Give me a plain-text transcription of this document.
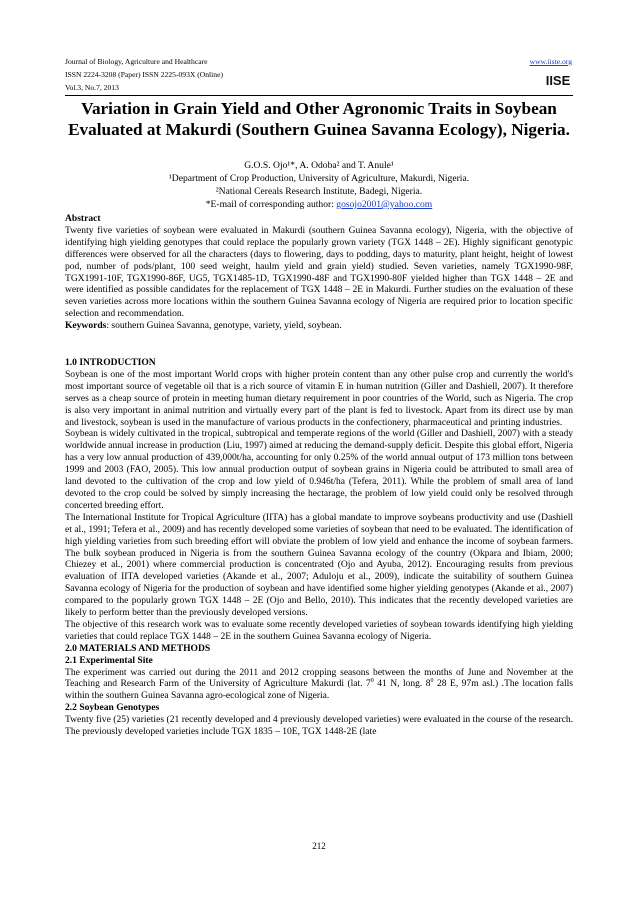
Journal of Biology, Agriculture and Healthcare
ISSN 2224-3208 (Paper) ISSN 2225-093X (Online)
Vol.3, No.7, 2013
www.iiste.org
IISE
Variation in Grain Yield and Other Agronomic Traits in Soybean Evaluated at Makurdi (Southern Guinea Savanna Ecology), Nigeria.
G.O.S. Ojo¹*, A. Odoba² and T. Anule¹
¹Department of Crop Production, University of Agriculture, Makurdi, Nigeria.
²National Cereals Research Institute, Badegi, Nigeria.
*E-mail of corresponding author: gosojo2001@yahoo.com

Abstract

Twenty five varieties of soybean were evaluated in Makurdi (southern Guinea Savanna ecology), Nigeria, with the objective of identifying high yielding genotypes that could replace the popularly grown variety (TGX 1448 – 2E). Highly significant genotypic differences were observed for all the characters (days to flowering, days to podding, days to maturity, plant height, height of lowest pod, number of pods/plant, 100 seed weight, haulm yield and grain yield) studied. Seven varieties, namely TGX1990-98F, TGX1991-10F, TGX1990-86F, UG5, TGX1485-1D, TGX1990-48F and TGX1990-80F yielded higher than TGX 1448 – 2E and were identified as possible candidates for the replacement of TGX 1448 – 2E in Makurdi. Further studies on the evaluation of these seven varieties across more locations within the southern Guinea Savanna ecology of Nigeria are required prior to location specific selection and recommendation.

Keywords: southern Guinea Savanna, genotype, variety, yield, soybean.

1.0 INTRODUCTION

Soybean is one of the most important World crops with higher protein content than any other pulse crop and currently the world's most important source of vegetable oil that is a rich source of vitamin E in human nutrition (Giller and Dashiell, 2007). It therefore serves as a cheap source of protein in meeting human dietary requirement in poor countries of the World, such as Nigeria. The crop is also very important in animal nutrition and virtually every part of the plant is fed to livestock. Apart from its direct use by man and livestock, soybean is used in the manufacture of various products in the confectionery, pharmaceutical and printing industries.

Soybean is widely cultivated in the tropical, subtropical and temperate regions of the world (Giller and Dashiell, 2007) with a steady worldwide annual increase in production (Liu, 1997) aimed at reducing the demand-supply deficit. Despite this global effort, Nigeria has a very low annual production of 439,000t/ha, accounting for only 0.25% of the world annual output of 173 million tons between 1999 and 2003 (FAO, 2005). This low annual production output of soybean grains in Nigeria could be attributed to small area of land devoted to the cultivation of the crop and low yield of 0.946t/ha (Tefera, 2011). While the problem of small area of land devoted to the crop could be solved by simply increasing the hectarage, the problem of low yield could only be resolved through concerted breeding effort.

The International Institute for Tropical Agriculture (IITA) has a global mandate to improve soybeans productivity and use (Dashiell et al., 1991; Tefera et al., 2009) and has recently developed some varieties of soybean that need to be evaluated. The identification of high yielding varieties from such breeding effort will obviate the problem of low yield and enhance the income of soybean farmers. The bulk soybean produced in Nigeria is from the southern Guinea Savanna ecology of the country (Okpara and Ibiam, 2000; Chiezey et al., 2001) where commercial production is concentrated (Ojo and Ayuba, 2012). Encouraging results from previous evaluation of IITA developed varieties (Akande et al., 2007; Aduloju et al., 2009), indicate the suitability of southern Guinea Savanna ecology of Nigeria for the production of soybean and have identified some higher yielding genotypes (Akande et al., 2007) compared to the popularly grown TGX 1448 – 2E (Ojo and Bello, 2010). This indicates that the recently developed varieties are likely to perform better than the previously developed versions.

The objective of this research work was to evaluate some recently developed varieties of soybean towards identifying high yielding varieties that could replace TGX 1448 – 2E in the southern Guinea Savanna ecology of Nigeria.

2.0 MATERIALS AND METHODS

2.1 Experimental Site

The experiment was carried out during the 2011 and 2012 cropping seasons between the months of June and November at the Teaching and Research Farm of the University of Agriculture Makurdi (lat. $7^0$ 41 N, long. $8^0$ 28 E, 97m asl.) .The location falls within the southern Guinea Savanna agro-ecological zone of Nigeria.

2.2 Soybean Genotypes

Twenty five (25) varieties (21 recently developed and 4 previously developed varieties) were evaluated in the course of the research. The previously developed varieties include TGX 1835 – 10E, TGX 1448-2E (late

212
